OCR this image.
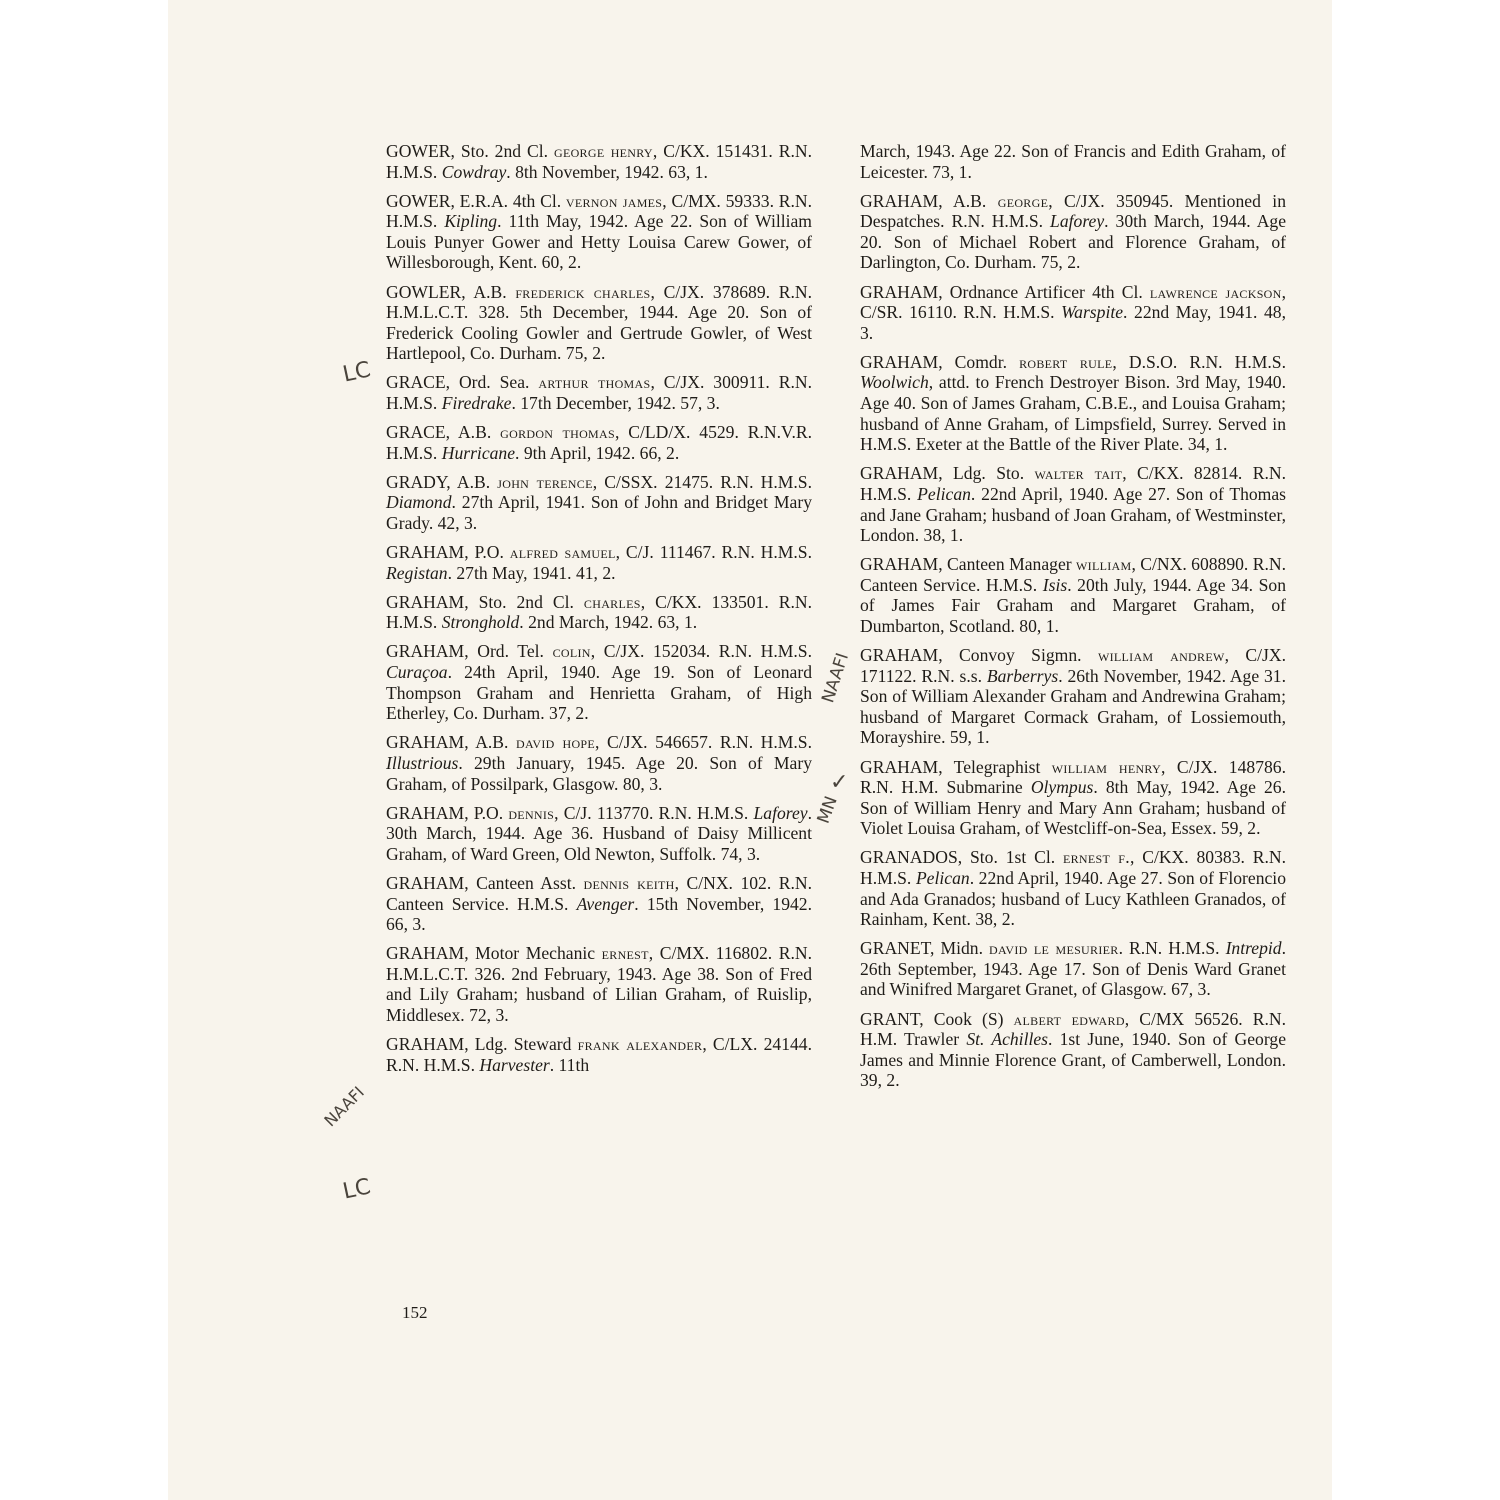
GOWER, Sto. 2nd Cl. george henry, C/KX. 151431. R.N. H.M.S. Cowdray. 8th November, 1942. 63, 1.

GOWER, E.R.A. 4th Cl. vernon james, C/MX. 59333. R.N. H.M.S. Kipling. 11th May, 1942. Age 22. Son of William Louis Punyer Gower and Hetty Louisa Carew Gower, of Willesborough, Kent. 60, 2.

GOWLER, A.B. frederick charles, C/JX. 378689. R.N. H.M.L.C.T. 328. 5th December, 1944. Age 20. Son of Frederick Cooling Gowler and Gertrude Gowler, of West Hartlepool, Co. Durham. 75, 2.

GRACE, Ord. Sea. arthur thomas, C/JX. 300911. R.N. H.M.S. Firedrake. 17th December, 1942. 57, 3.

GRACE, A.B. gordon thomas, C/LD/X. 4529. R.N.V.R. H.M.S. Hurricane. 9th April, 1942. 66, 2.

GRADY, A.B. john terence, C/SSX. 21475. R.N. H.M.S. Diamond. 27th April, 1941. Son of John and Bridget Mary Grady. 42, 3.

GRAHAM, P.O. alfred samuel, C/J. 111467. R.N. H.M.S. Registan. 27th May, 1941. 41, 2.

GRAHAM, Sto. 2nd Cl. charles, C/KX. 133501. R.N. H.M.S. Stronghold. 2nd March, 1942. 63, 1.

GRAHAM, Ord. Tel. colin, C/JX. 152034. R.N. H.M.S. Curaçoa. 24th April, 1940. Age 19. Son of Leonard Thompson Graham and Henrietta Graham, of High Etherley, Co. Durham. 37, 2.

GRAHAM, A.B. david hope, C/JX. 546657. R.N. H.M.S. Illustrious. 29th January, 1945. Age 20. Son of Mary Graham, of Possilpark, Glasgow. 80, 3.

GRAHAM, P.O. dennis, C/J. 113770. R.N. H.M.S. Laforey. 30th March, 1944. Age 36. Husband of Daisy Millicent Graham, of Ward Green, Old Newton, Suffolk. 74, 3.

GRAHAM, Canteen Asst. dennis keith, C/NX. 102. R.N. Canteen Service. H.M.S. Avenger. 15th November, 1942. 66, 3.

GRAHAM, Motor Mechanic ernest, C/MX. 116802. R.N. H.M.L.C.T. 326. 2nd February, 1943. Age 38. Son of Fred and Lily Graham; husband of Lilian Graham, of Ruislip, Middlesex. 72, 3.

GRAHAM, Ldg. Steward frank alexander, C/LX. 24144. R.N. H.M.S. Harvester. 11th

March, 1943. Age 22. Son of Francis and Edith Graham, of Leicester. 73, 1.

GRAHAM, A.B. george, C/JX. 350945. Mentioned in Despatches. R.N. H.M.S. Laforey. 30th March, 1944. Age 20. Son of Michael Robert and Florence Graham, of Darlington, Co. Durham. 75, 2.

GRAHAM, Ordnance Artificer 4th Cl. lawrence jackson, C/SR. 16110. R.N. H.M.S. Warspite. 22nd May, 1941. 48, 3.

GRAHAM, Comdr. robert rule, D.S.O. R.N. H.M.S. Woolwich, attd. to French Destroyer Bison. 3rd May, 1940. Age 40. Son of James Graham, C.B.E., and Louisa Graham; husband of Anne Graham, of Limpsfield, Surrey. Served in H.M.S. Exeter at the Battle of the River Plate. 34, 1.

GRAHAM, Ldg. Sto. walter tait, C/KX. 82814. R.N. H.M.S. Pelican. 22nd April, 1940. Age 27. Son of Thomas and Jane Graham; husband of Joan Graham, of Westminster, London. 38, 1.

GRAHAM, Canteen Manager william, C/NX. 608890. R.N. Canteen Service. H.M.S. Isis. 20th July, 1944. Age 34. Son of James Fair Graham and Margaret Graham, of Dumbarton, Scotland. 80, 1.

GRAHAM, Convoy Sigmn. william andrew, C/JX. 171122. R.N. s.s. Barberrys. 26th November, 1942. Age 31. Son of William Alexander Graham and Andrewina Graham; husband of Margaret Cormack Graham, of Lossiemouth, Morayshire. 59, 1.

GRAHAM, Telegraphist william henry, C/JX. 148786. R.N. H.M. Submarine Olympus. 8th May, 1942. Age 26. Son of William Henry and Mary Ann Graham; husband of Violet Louisa Graham, of Westcliff-on-Sea, Essex. 59, 2.

GRANADOS, Sto. 1st Cl. ernest f., C/KX. 80383. R.N. H.M.S. Pelican. 22nd April, 1940. Age 27. Son of Florencio and Ada Granados; husband of Lucy Kathleen Granados, of Rainham, Kent. 38, 2.

GRANET, Midn. david le mesurier. R.N. H.M.S. Intrepid. 26th September, 1943. Age 17. Son of Denis Ward Granet and Winifred Margaret Granet, of Glasgow. 67, 3.

GRANT, Cook (S) albert edward, C/MX 56526. R.N. H.M. Trawler St. Achilles. 1st June, 1940. Son of George James and Minnie Florence Grant, of Camberwell, London. 39, 2.

152
LC
NAAFI
✓
MN
NAAFI
LC
